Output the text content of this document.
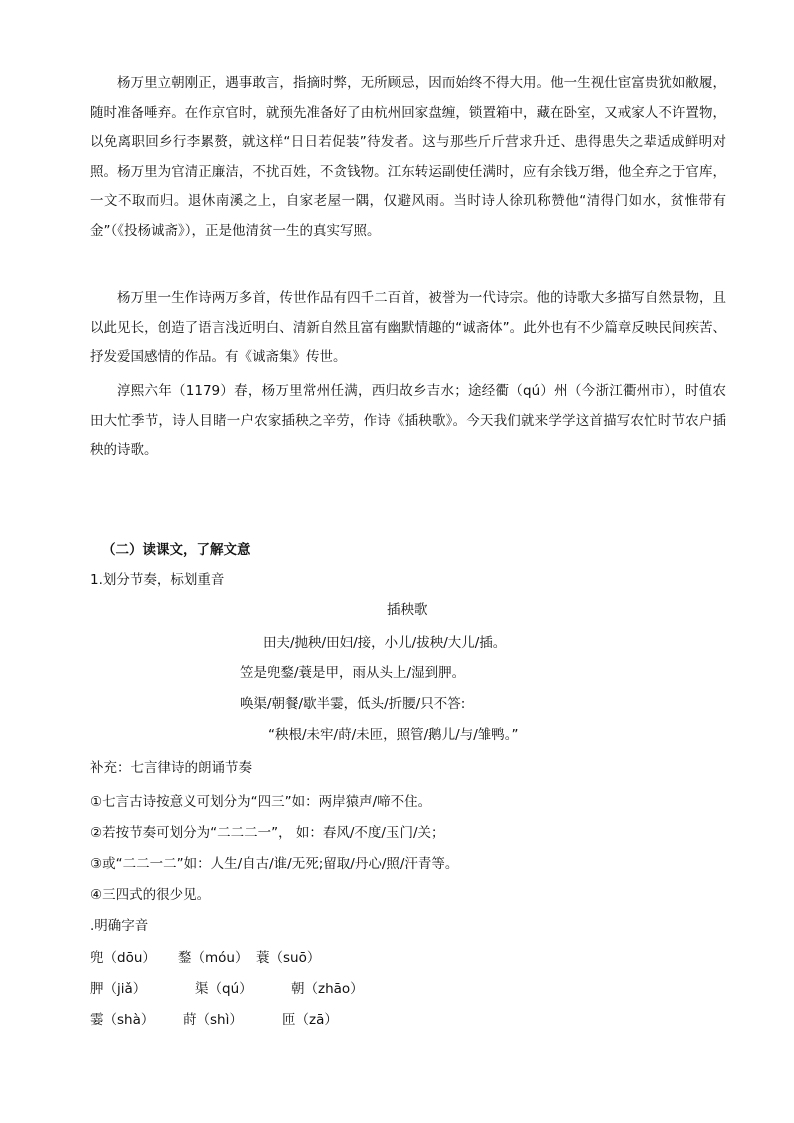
杨万里立朝刚正，遇事敢言，指摘时弊，无所顾忌，因而始终不得大用。他一生视仕宦富贵犹如敝履，随时准备唾弃。在作京官时，就预先准备好了由杭州回家盘缠，锁置箱中，藏在卧室，又戒家人不许置物，以免离职回乡行李累赘，就这样“日日若促装”待发者。这与那些斤斤营求升迁、患得患失之辈适成鲜明对照。杨万里为官清正廉洁，不扰百姓，不贪钱物。江东转运副使任满时，应有余钱万缗，他全弃之于官库，一文不取而归。退休南溪之上，自家老屋一隅，仅避风雨。当时诗人徐玑称赞他“清得门如水，贫惟带有金”（《投杨诚斋》），正是他清贫一生的真实写照。

杨万里一生作诗两万多首，传世作品有四千二百首，被誉为一代诗宗。他的诗歌大多描写自然景物，且以此见长，创造了语言浅近明白、清新自然且富有幽默情趣的“诚斋体”。此外也有不少篇章反映民间疾苦、抒发爱国感情的作品。有《诚斋集》传世。

淳熙六年（1179）春，杨万里常州任满，西归故乡吉水；途经衢（qú）州（今浙江衢州市），时值农田大忙季节，诗人目睹一户农家插秧之辛劳，作诗《插秧歌》。今天我们就来学学这首描写农忙时节农户插秧的诗歌。

（二）读课文，了解文意

1.划分节奏，标划重音

插秧歌
田夫/抛秧/田妇/接，小儿/拔秧/大儿/插。
笠是兜鍪/蓑是甲，雨从头上/湿到胛。
唤渠/朝餐/歇半霎，低头/折腰/只不答:
“秧根/未牢/莳/未匝，照管/鹅儿/与/雏鸭。”

补充：七言律诗的朗诵节奏

①七言古诗按意义可划分为“四三”如：两岸猿声/啼不住。

②若按节奏可划分为“二二二一”， 如：春风/不度/玉门/关；

③或“二二一二”如：人生/自古/谁/无死;留取/丹心/照/汗青等。

④三四式的很少见。

.明确字音

兜（dōu） 鍪（móu） 蓑（suō）
胛（jiǎ）	渠（qú）	朝（zhāo）
霎（shà） 莳（shì）	匝（zā）
